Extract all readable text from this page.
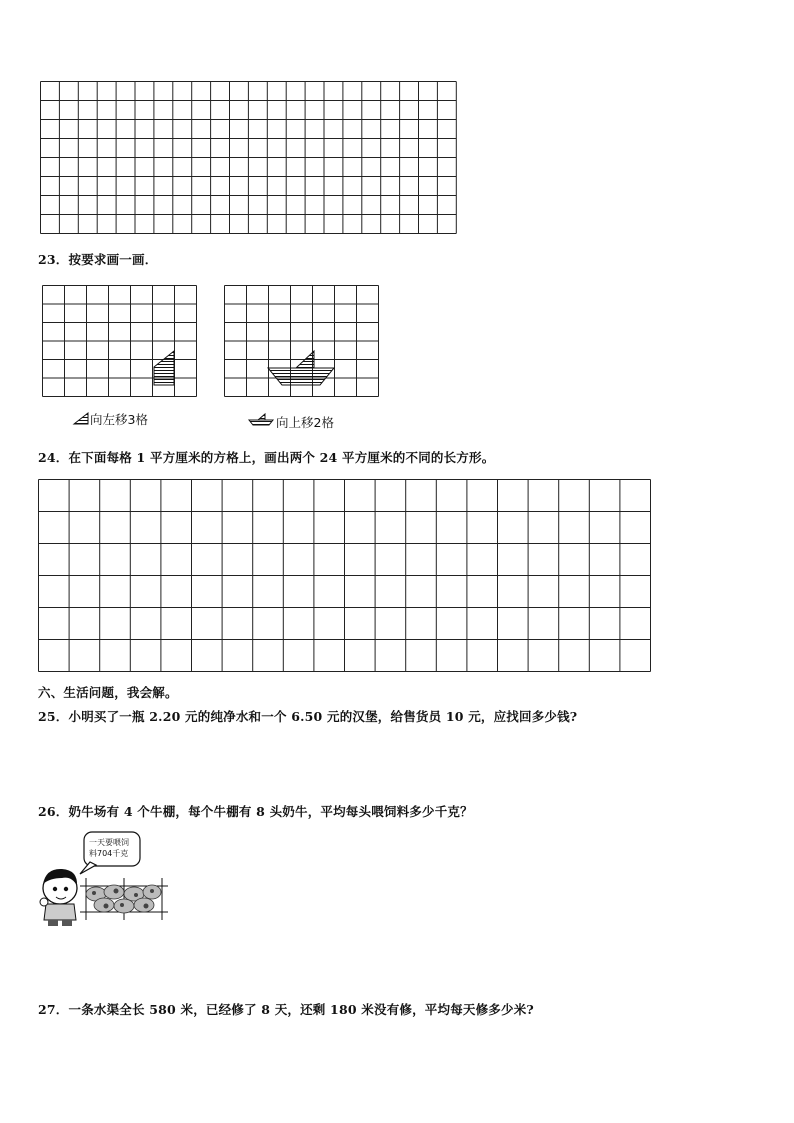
23．按要求画一画．
向左移3格	向上移2格
24．在下面每格 1 平方厘米的方格上，画出两个 24 平方厘米的不同的长方形。
六、生活问题，我会解。
25．小明买了一瓶 2.20 元的纯净水和一个 6.50 元的汉堡，给售货员 10 元，应找回多少钱?
26．奶牛场有 4 个牛棚，每个牛棚有 8 头奶牛，平均每头喂饲料多少千克？
一天要喂饲
料704千克
27．一条水渠全长 580 米，已经修了 8 天，还剩 180 米没有修，平均每天修多少米?
